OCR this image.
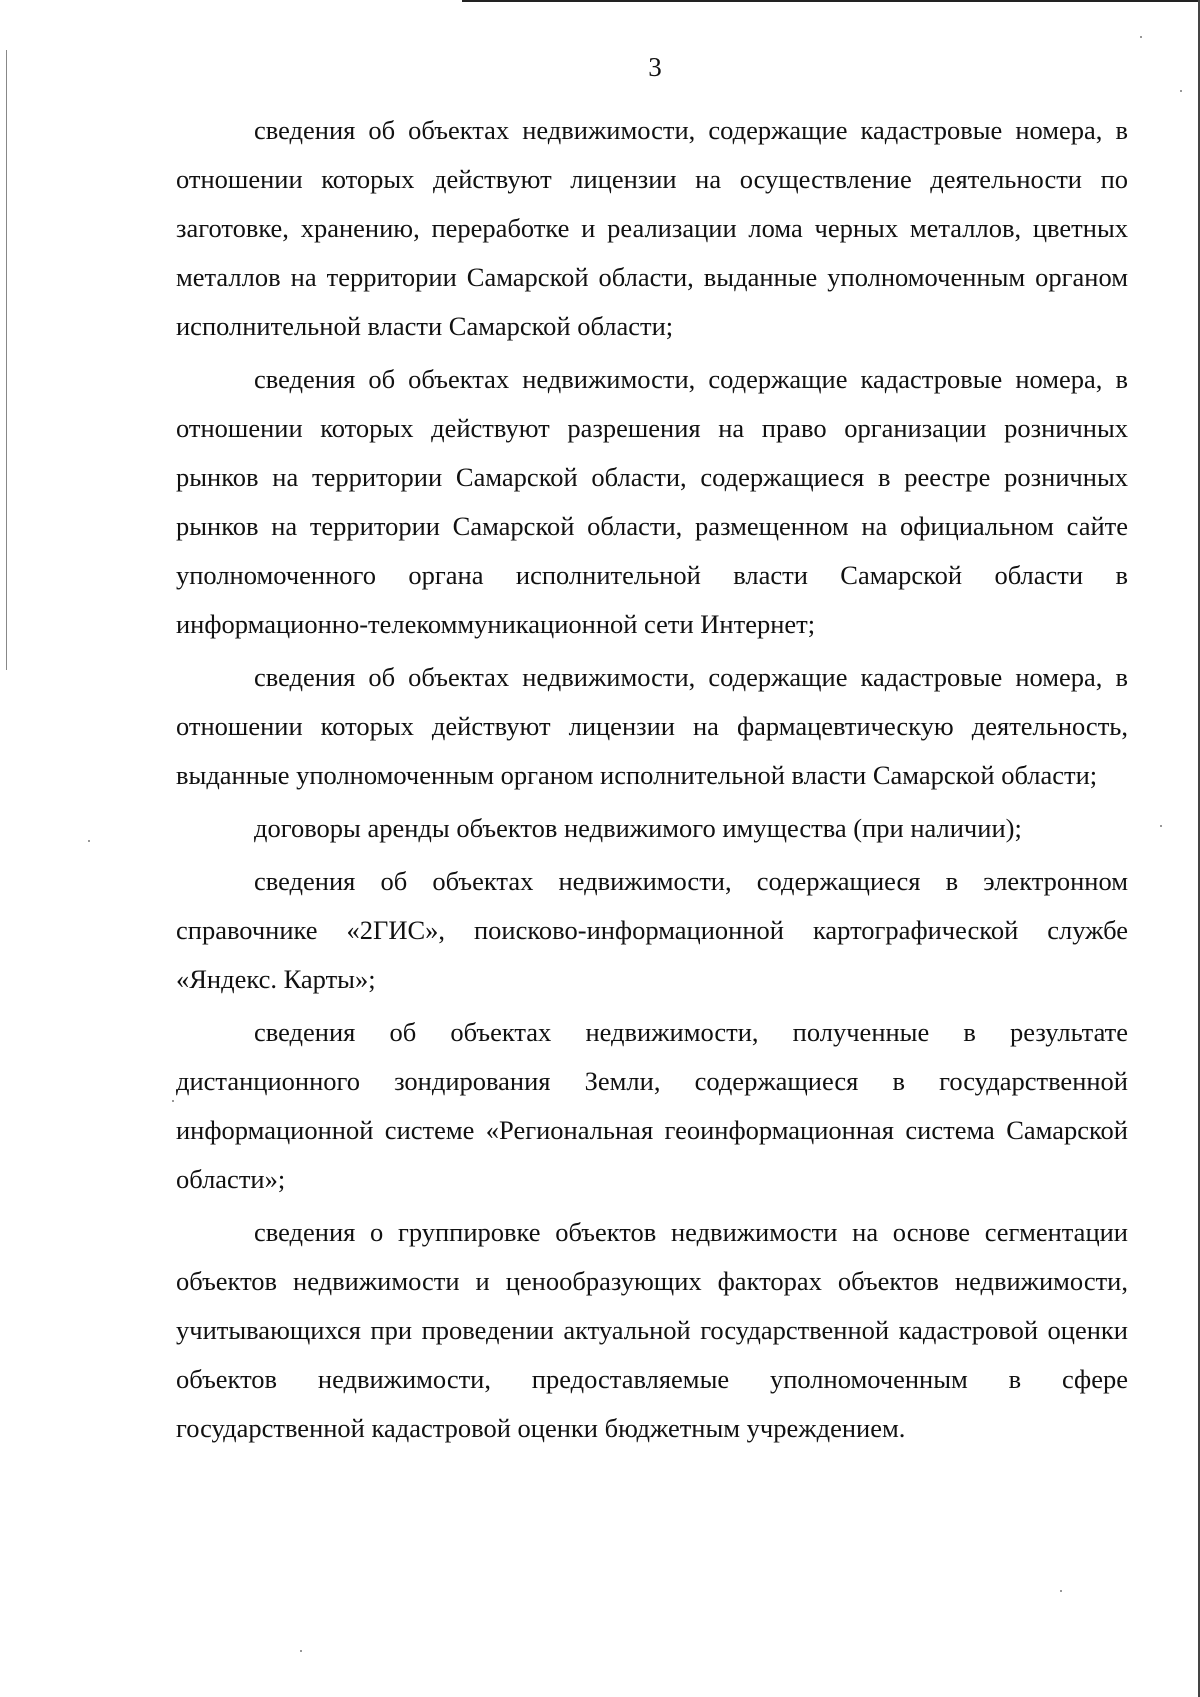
3

сведения об объектах недвижимости, содержащие кадастровые номера, в отношении которых действуют лицензии на осуществление деятельности по заготовке, хранению, переработке и реализации лома черных металлов, цветных металлов на территории Самарской области, выданные уполномоченным органом исполнительной власти Самарской области;

сведения об объектах недвижимости, содержащие кадастровые номера, в отношении которых действуют разрешения на право организации розничных рынков на территории Самарской области, содержащиеся в реестре розничных рынков на территории Самарской области, размещенном на официальном сайте уполномоченного органа исполнительной власти Самарской области в информационно-телекоммуникационной сети Интернет;

сведения об объектах недвижимости, содержащие кадастровые номера, в отношении которых действуют лицензии на фармацевтическую деятельность, выданные уполномоченным органом исполнительной власти Самарской области;

договоры аренды объектов недвижимого имущества (при наличии);

сведения об объектах недвижимости, содержащиеся в электронном справочнике «2ГИС», поисково-информационной картографической службе «Яндекс. Карты»;

сведения об объектах недвижимости, полученные в результате дистанционного зондирования Земли, содержащиеся в государственной информационной системе «Региональная геоинформационная система Самарской области»;

сведения о группировке объектов недвижимости на основе сегментации объектов недвижимости и ценообразующих факторах объектов недвижимости, учитывающихся при проведении актуальной государственной кадастровой оценки объектов недвижимости, предоставляемые уполномоченным в сфере государственной кадастровой оценки бюджетным учреждением.
